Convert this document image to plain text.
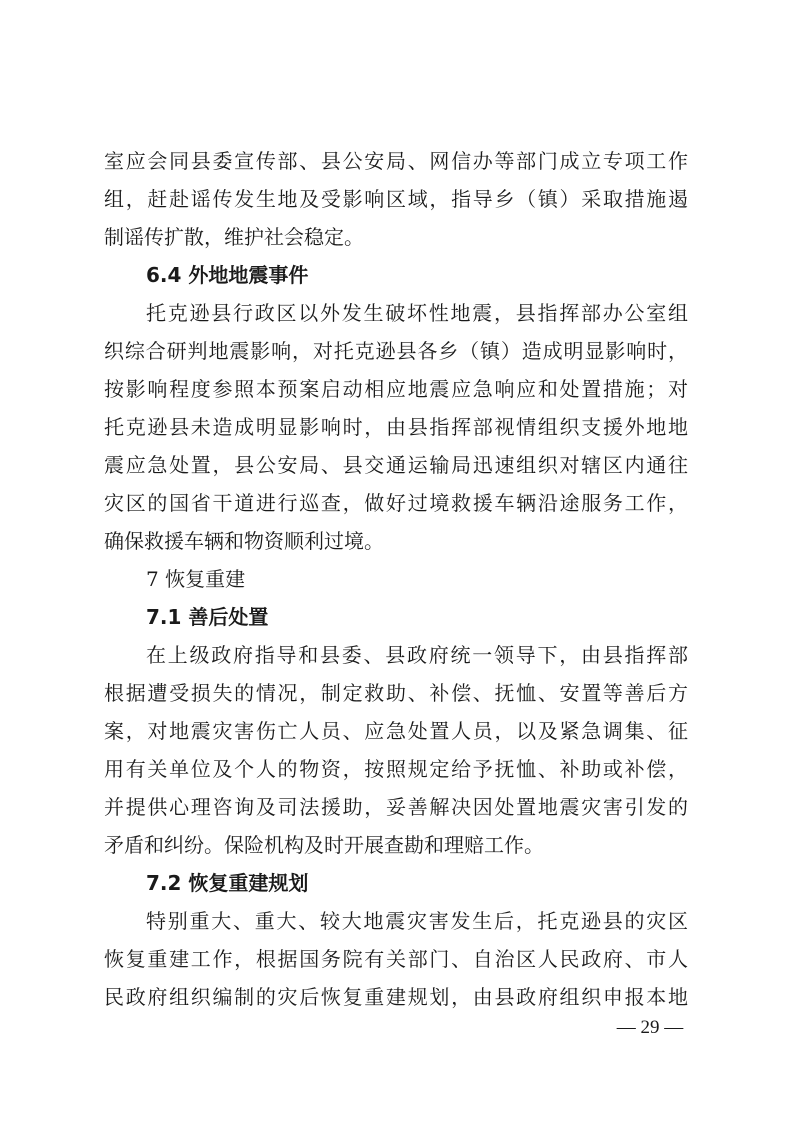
室应会同县委宣传部、县公安局、网信办等部门成立专项工作
组，赶赴谣传发生地及受影响区域，指导乡（镇）采取措施遏
制谣传扩散，维护社会稳定。
6.4 外地地震事件
托克逊县行政区以外发生破坏性地震，县指挥部办公室组
织综合研判地震影响，对托克逊县各乡（镇）造成明显影响时，
按影响程度参照本预案启动相应地震应急响应和处置措施；对
托克逊县未造成明显影响时，由县指挥部视情组织支援外地地
震应急处置，县公安局、县交通运输局迅速组织对辖区内通往
灾区的国省干道进行巡查，做好过境救援车辆沿途服务工作，
确保救援车辆和物资顺利过境。
7 恢复重建
7.1 善后处置
在上级政府指导和县委、县政府统一领导下，由县指挥部
根据遭受损失的情况，制定救助、补偿、抚恤、安置等善后方
案，对地震灾害伤亡人员、应急处置人员，以及紧急调集、征
用有关单位及个人的物资，按照规定给予抚恤、补助或补偿，
并提供心理咨询及司法援助，妥善解决因处置地震灾害引发的
矛盾和纠纷。保险机构及时开展查勘和理赔工作。
7.2 恢复重建规划
特别重大、重大、较大地震灾害发生后，托克逊县的灾区
恢复重建工作，根据国务院有关部门、自治区人民政府、市人
民政府组织编制的灾后恢复重建规划，由县政府组织申报本地
— 29 —
